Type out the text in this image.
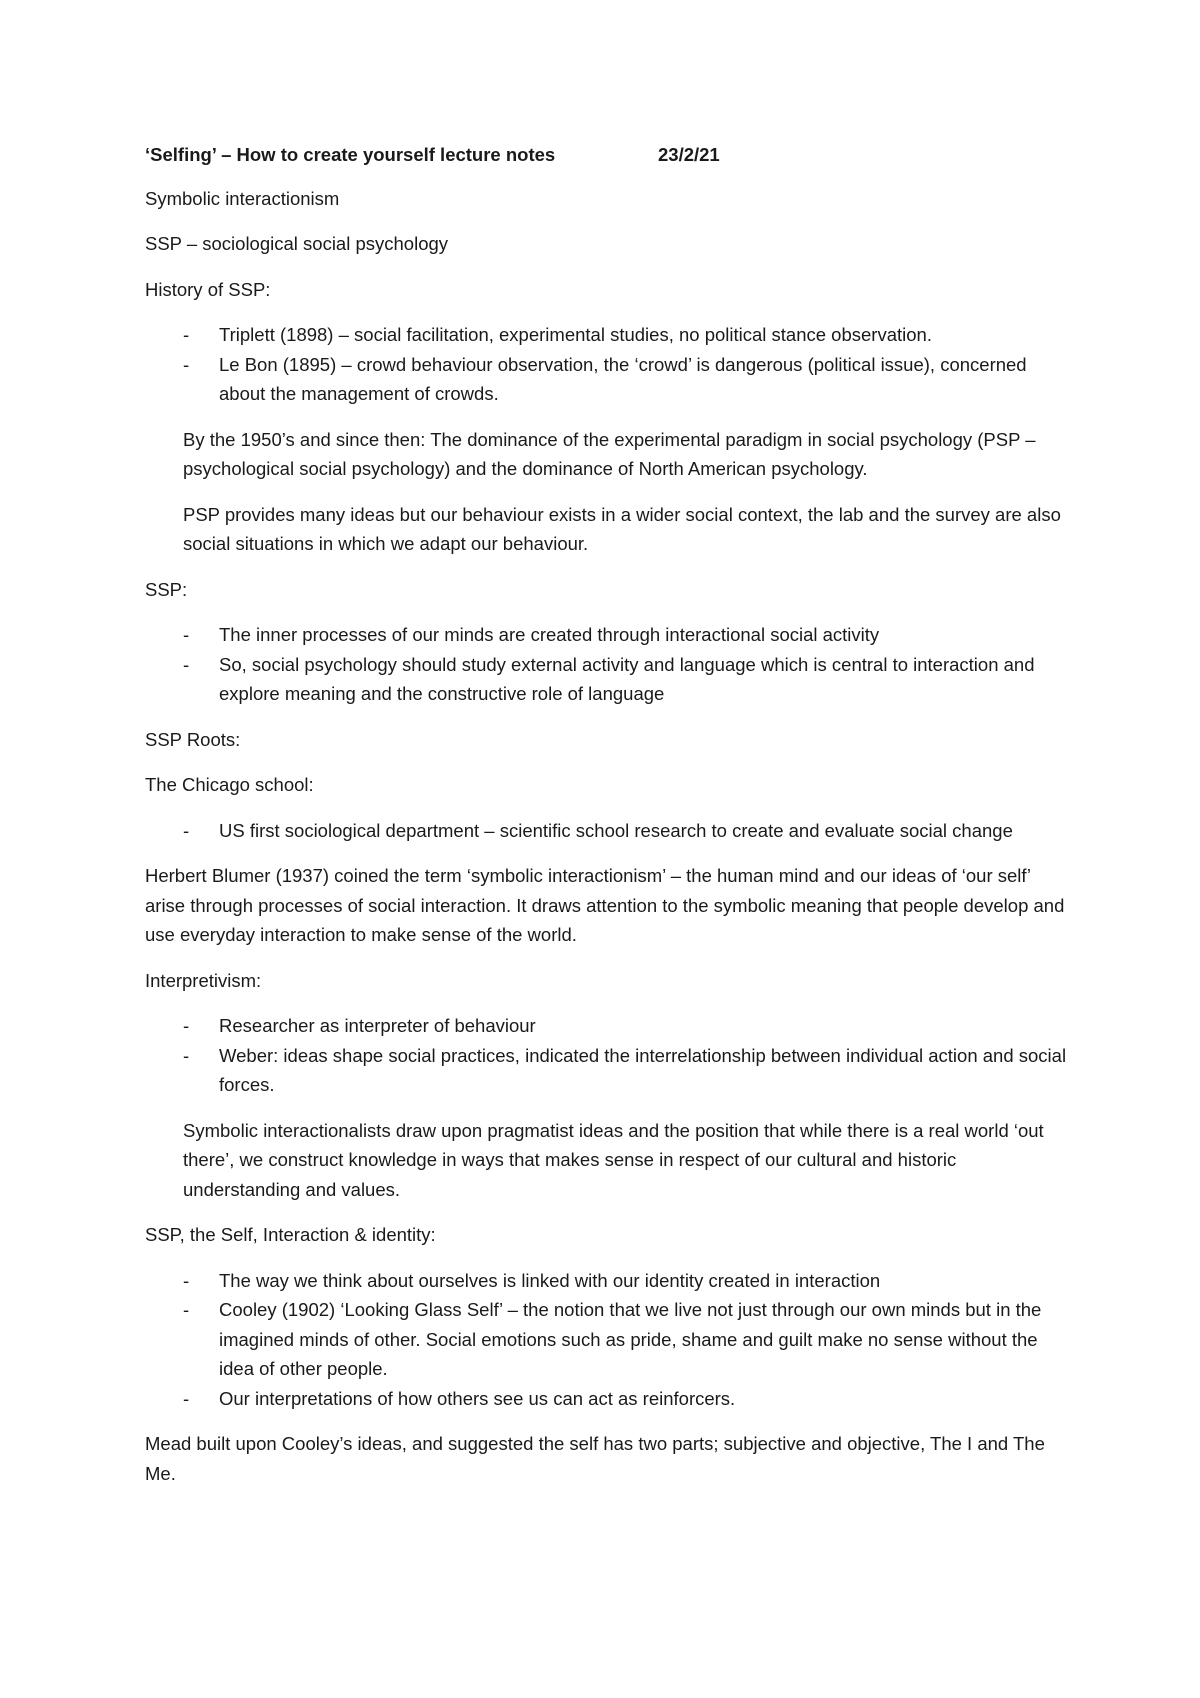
‘Selfing’ – How to create yourself lecture notes	23/2/21

Symbolic interactionism

SSP – sociological social psychology

History of SSP:

- Triplett (1898) – social facilitation, experimental studies, no political stance observation.
- Le Bon (1895) – crowd behaviour observation, the ‘crowd’ is dangerous (political issue), concerned about the management of crowds.

By the 1950’s and since then: The dominance of the experimental paradigm in social psychology (PSP – psychological social psychology) and the dominance of North American psychology.

PSP provides many ideas but our behaviour exists in a wider social context, the lab and the survey are also social situations in which we adapt our behaviour.

SSP:

- The inner processes of our minds are created through interactional social activity
- So, social psychology should study external activity and language which is central to interaction and explore meaning and the constructive role of language

SSP Roots:

The Chicago school:

- US first sociological department – scientific school research to create and evaluate social change

Herbert Blumer (1937) coined the term ‘symbolic interactionism’ – the human mind and our ideas of ‘our self’ arise through processes of social interaction. It draws attention to the symbolic meaning that people develop and use everyday interaction to make sense of the world.

Interpretivism:

- Researcher as interpreter of behaviour
- Weber: ideas shape social practices, indicated the interrelationship between individual action and social forces.

Symbolic interactionalists draw upon pragmatist ideas and the position that while there is a real world ‘out there’, we construct knowledge in ways that makes sense in respect of our cultural and historic understanding and values.

SSP, the Self, Interaction & identity:

- The way we think about ourselves is linked with our identity created in interaction
- Cooley (1902) ‘Looking Glass Self’ – the notion that we live not just through our own minds but in the imagined minds of other. Social emotions such as pride, shame and guilt make no sense without the idea of other people.
- Our interpretations of how others see us can act as reinforcers.

Mead built upon Cooley’s ideas, and suggested the self has two parts; subjective and objective, The I and The Me.
